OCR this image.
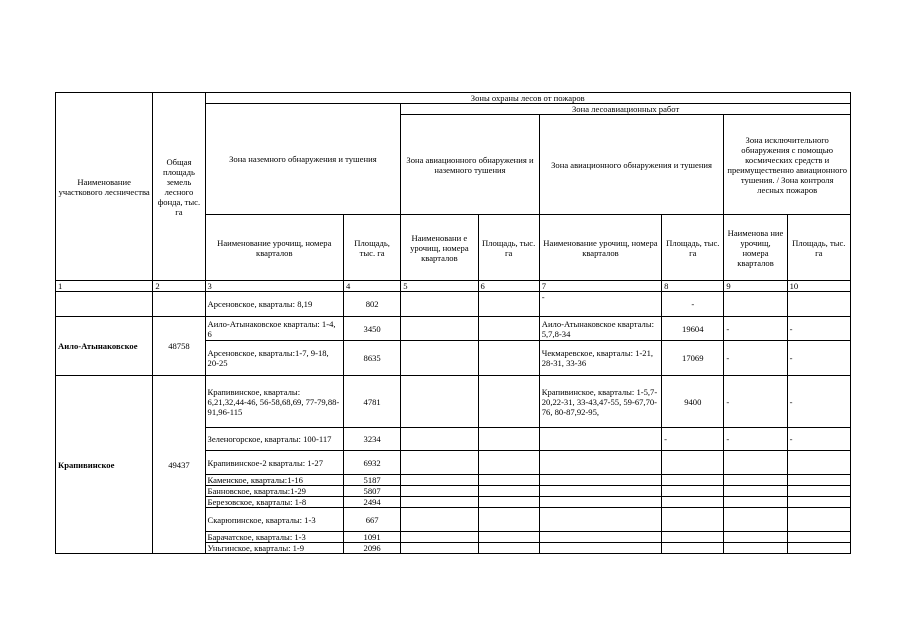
Наименование участкового лесничества	Общая площадь земель лесного фонда, тыс. га	Зоны охраны лесов от пожаров							
		Зона наземного обнаружения и тушения		Зона лесоавиационных работ					
				Зона авиационного обнаружения и наземного тушения		Зона авиационного обнаружения и тушения		Зона исключительного обнаружения с помощью космических средств и преимущественно авиационного тушения. / Зона контроля лесных пожаров	
		Наименование урочищ, номера кварталов	Площадь, тыс. га	Наименовани е урочищ, номера кварталов	Площадь, тыс. га	Наименование урочищ, номера кварталов	Площадь, тыс. га	Наименова ние урочищ, номера кварталов	Площадь, тыс. га
1	2	3	4	5	6	7	8	9	10
		Арсеновское, кварталы: 8,19	802			-	-		
Аило-Атынаковское	48758	Аило-Атынаковское кварталы: 1-4, 6	3450			Аило-Атынаковское кварталы: 5,7,8-34	19604	-	-
		Арсеновское, кварталы:1-7, 9-18, 20-25	8635			Чекмаревское, кварталы: 1-21, 28-31, 33-36	17069	-	-
Крапивинское	49437	Крапивинское, кварталы: 6,21,32,44-46, 56-58,68,69, 77-79,88-91,96-115	4781			Крапивинское, кварталы: 1-5,7-20,22-31, 33-43,47-55, 59-67,70-76, 80-87,92-95,	9400	-	-
		Зеленогорское, кварталы: 100-117	3234				-	-	-
		Крапивинское-2 кварталы: 1-27	6932						
		Каменское, кварталы:1-16	5187						
		Банновское, кварталы:1-29	5807						
		Березовское, кварталы: 1-8	2494						
		Скарюпинское, кварталы: 1-3	667						
		Барачатское, кварталы: 1-3	1091						
		Уньгинское, кварталы: 1-9	2096						
